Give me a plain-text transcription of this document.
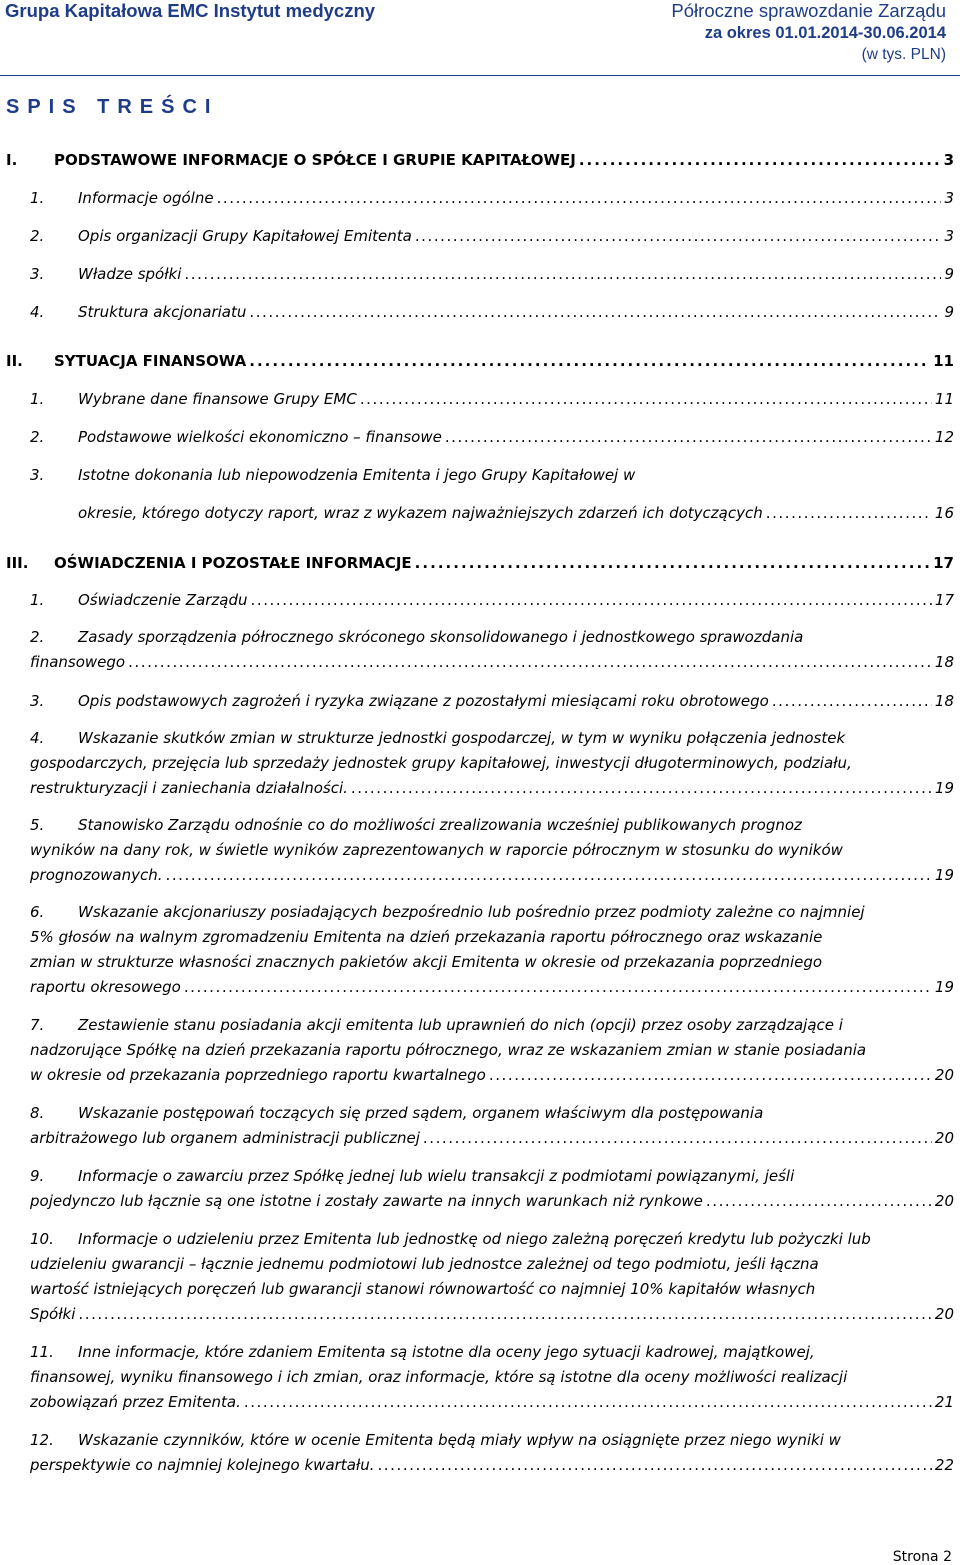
Grupa Kapitałowa EMC Instytut medyczny	Półroczne sprawozdanie Zarządu
za okres 01.01.2014-30.06.2014
(w tys. PLN)
SPIS TREŚCI
I.	PODSTAWOWE INFORMACJE O SPÓŁCE I GRUPIE KAPITAŁOWEJ . . .	3
1.	Informacje ogólne . . .	3
2.	Opis organizacji Grupy Kapitałowej Emitenta . . .	3
3.	Władze spółki . . .	9
4.	Struktura akcjonariatu . . .	9
II.	SYTUACJA FINANSOWA . . .	11
1.	Wybrane dane finansowe Grupy EMC . . .	11
2.	Podstawowe wielkości ekonomiczno – finansowe . . .	12
3.	Istotne dokonania lub niepowodzenia Emitenta i jego Grupy Kapitałowej w
okresie, którego dotyczy raport, wraz z wykazem najważniejszych zdarzeń ich dotyczących . . .	16
III.	OŚWIADCZENIA I POZOSTAŁE INFORMACJE . . .	17
1.	Oświadczenie Zarządu . . .	17
2.	Zasady sporządzenia półrocznego skróconego skonsolidowanego i jednostkowego sprawozdania
finansowego . . .	18
3.	Opis podstawowych zagrożeń i ryzyka związane z pozostałymi miesiącami roku obrotowego . . .	18
4.	Wskazanie skutków zmian w strukturze jednostki gospodarczej, w tym w wyniku połączenia jednostek
gospodarczych, przejęcia lub sprzedaży jednostek grupy kapitałowej, inwestycji długoterminowych, podziału,
restrukturyzacji i zaniechania działalności. . . .	19
5.	Stanowisko Zarządu odnośnie co do możliwości zrealizowania wcześniej publikowanych prognoz
wyników na dany rok, w świetle wyników zaprezentowanych w raporcie półrocznym w stosunku do wyników
prognozowanych. . . .	19
6.	Wskazanie akcjonariuszy posiadających bezpośrednio lub pośrednio przez podmioty zależne co najmniej
5% głosów na walnym zgromadzeniu Emitenta na dzień przekazania raportu półrocznego oraz wskazanie
zmian w strukturze własności znacznych pakietów akcji Emitenta w okresie od przekazania poprzedniego
raportu okresowego . . .	19
7.	Zestawienie stanu posiadania akcji emitenta lub uprawnień do nich (opcji) przez osoby zarządzające i
nadzorujące Spółkę na dzień przekazania raportu półrocznego, wraz ze wskazaniem zmian w stanie posiadania
w okresie od przekazania poprzedniego raportu kwartalnego . . .	20
8.	Wskazanie postępowań toczących się przed sądem, organem właściwym dla postępowania
arbitrażowego lub organem administracji publicznej . . .	20
9.	Informacje o zawarciu przez Spółkę jednej lub wielu transakcji z podmiotami powiązanymi, jeśli
pojedynczo lub łącznie są one istotne i zostały zawarte na innych warunkach niż rynkowe . . .	20
10.	Informacje o udzieleniu przez Emitenta lub jednostkę od niego zależną poręczeń kredytu lub pożyczki lub
udzieleniu gwarancji – łącznie jednemu podmiotowi lub jednostce zależnej od tego podmiotu, jeśli łączna
wartość istniejących poręczeń lub gwarancji stanowi równowartość co najmniej 10% kapitałów własnych
Spółki . . .	20
11.	Inne informacje, które zdaniem Emitenta są istotne dla oceny jego sytuacji kadrowej, majątkowej,
finansowej, wyniku finansowego i ich zmian, oraz informacje, które są istotne dla oceny możliwości realizacji
zobowiązań przez Emitenta. . . .	21
12.	Wskazanie czynników, które w ocenie Emitenta będą miały wpływ na osiągnięte przez niego wyniki w
perspektywie co najmniej kolejnego kwartału. . . .	22
Strona 2
